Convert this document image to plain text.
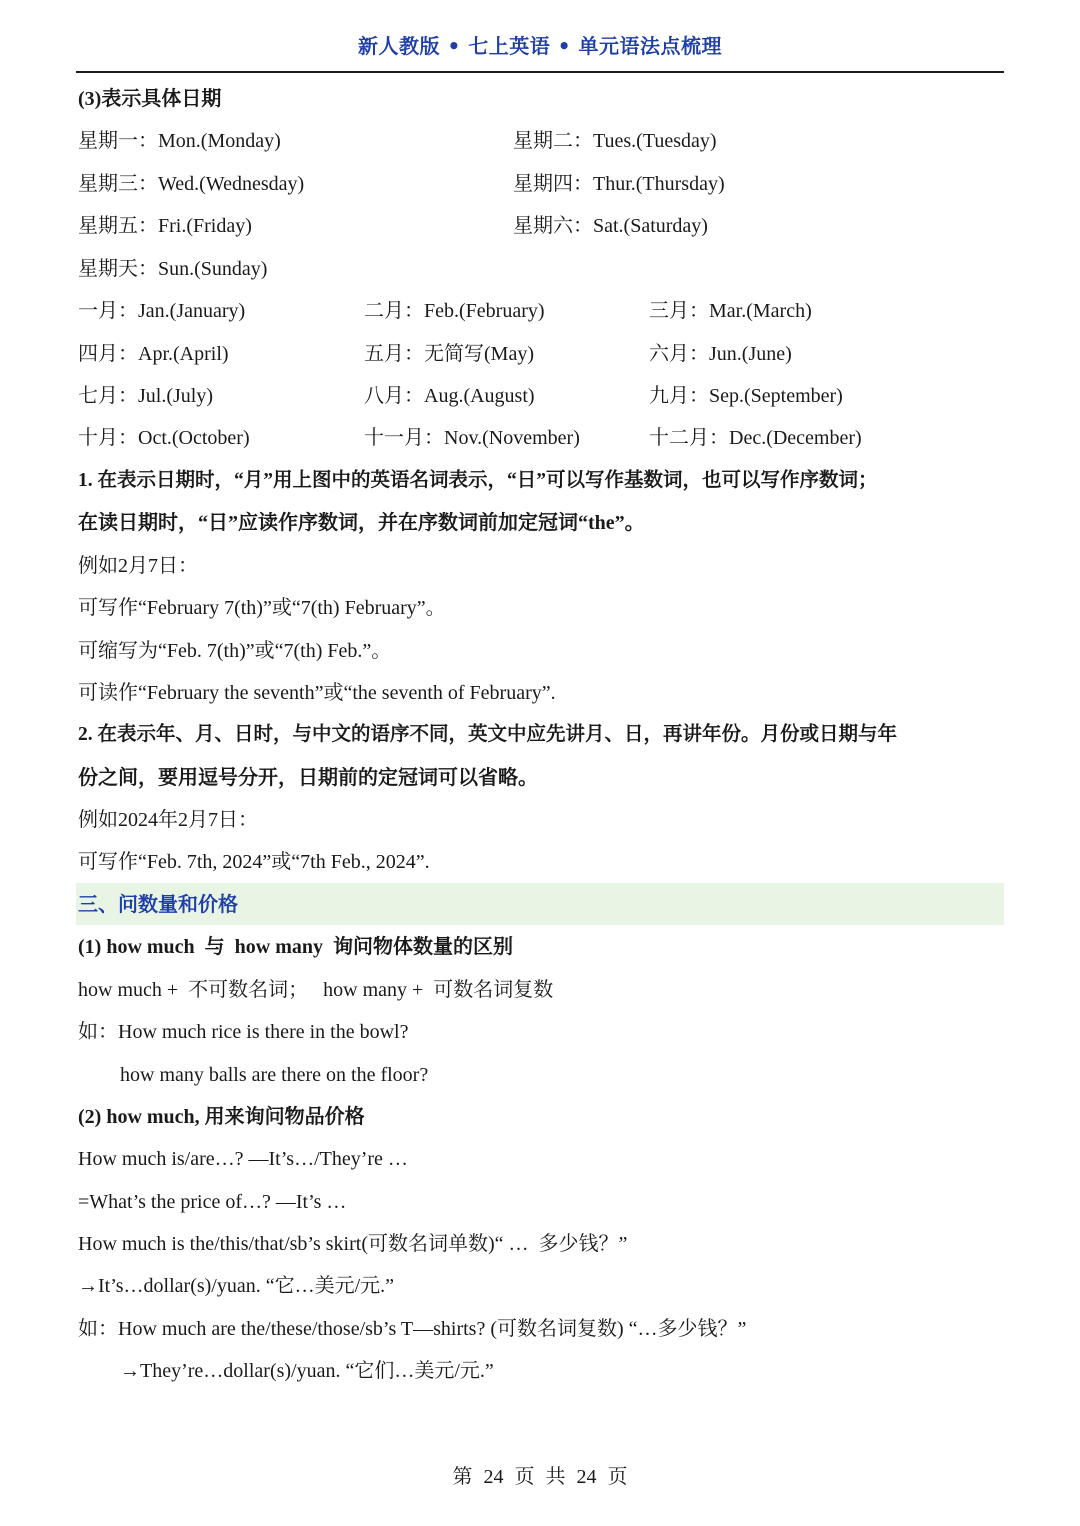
新人教版 • 七上英语 • 单元语法点梳理
(3)表示具体日期
星期一：Mon.(Monday)	星期二：Tues.(Tuesday)
星期三：Wed.(Wednesday)	星期四：Thur.(Thursday)
星期五：Fri.(Friday)	星期六：Sat.(Saturday)
星期天：Sun.(Sunday)
一月：Jan.(January)	二月：Feb.(February)	三月：Mar.(March)
四月：Apr.(April)	五月：无简写(May)	六月：Jun.(June)
七月：Jul.(July)	八月：Aug.(August)	九月：Sep.(September)
十月：Oct.(October)	十一月：Nov.(November)	十二月：Dec.(December)
1. 在表示日期时，“月”用上图中的英语名词表示，“日”可以写作基数词，也可以写作序数词；
在读日期时，“日”应读作序数词，并在序数词前加定冠词“the”。
例如2月7日：
可写作“February 7(th)”或“7(th) February”。
可缩写为“Feb. 7(th)”或“7(th) Feb.”。
可读作“February the seventh”或“the seventh of February”.
2. 在表示年、月、日时，与中文的语序不同，英文中应先讲月、日，再讲年份。月份或日期与年
份之间，要用逗号分开，日期前的定冠词可以省略。
例如2024年2月7日：
可写作“Feb. 7th, 2024”或“7th Feb., 2024”.
三、问数量和价格
(1) how much  与  how many  询问物体数量的区别
how much +  不可数名词；   how many +  可数名词复数
如：How much rice is there in the bowl?
how many balls are there on the floor?
(2) how much, 用来询问物品价格
How much is/are…? —It’s…/They’re …
=What’s the price of…? —It’s …
How much is the/this/that/sb’s skirt(可数名词单数)“ …  多少钱？”
→It’s…dollar(s)/yuan. “它…美元/元.”
如：How much are the/these/those/sb’s T—shirts? (可数名词复数) “…多少钱？”
→They’re…dollar(s)/yuan. “它们…美元/元.”
第 24 页 共 24 页
